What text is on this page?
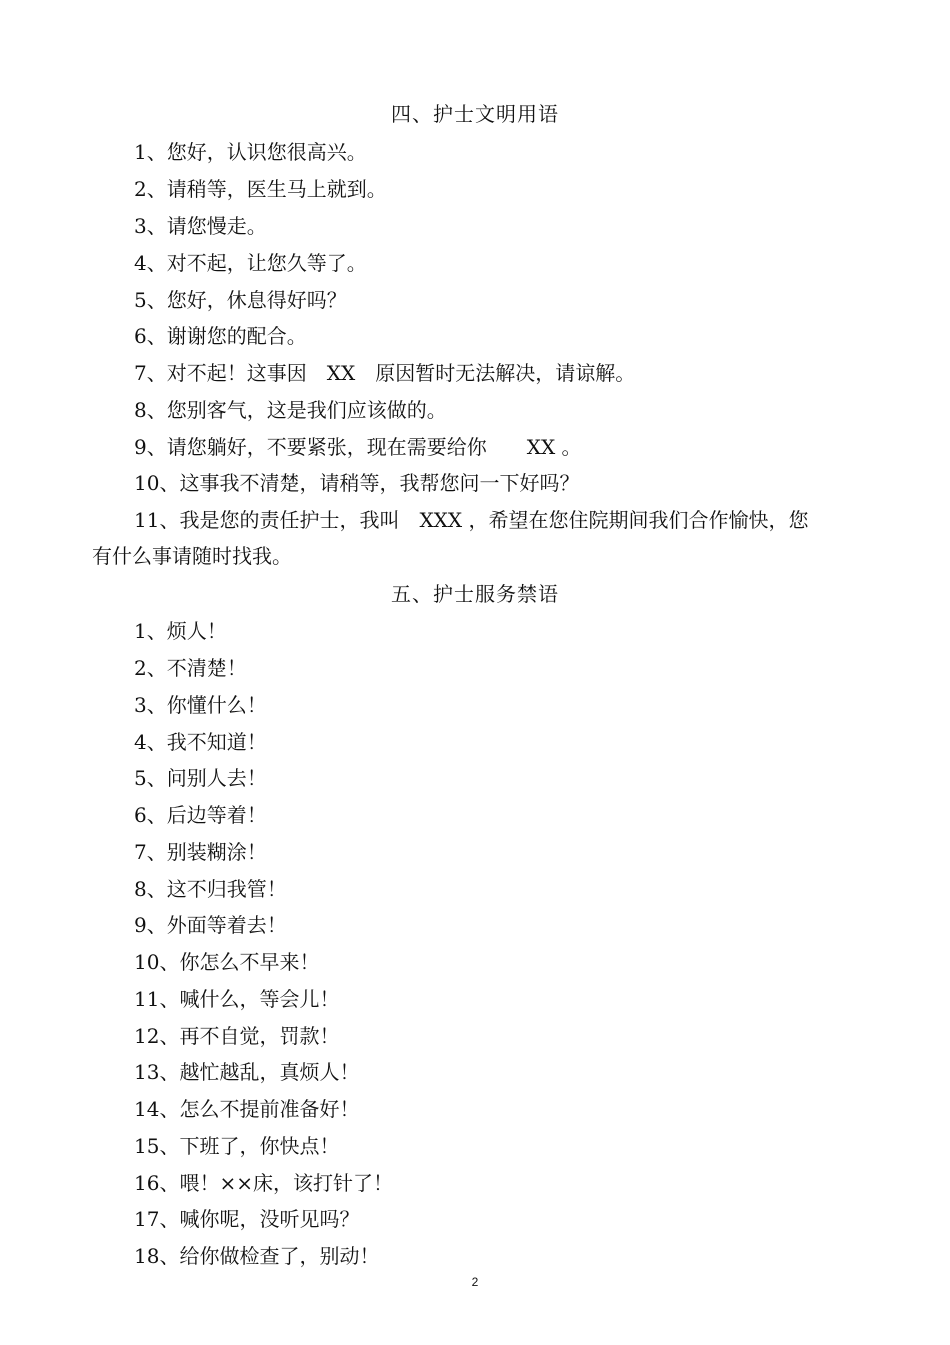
四、护士文明用语
1、您好，认识您很高兴。
2、请稍等，医生马上就到。
3、请您慢走。
4、对不起，让您久等了。
5、您好，休息得好吗？
6、谢谢您的配合。
7、对不起！这事因　XX　原因暂时无法解决，请谅解。
8、您别客气，这是我们应该做的。
9、请您躺好，不要紧张，现在需要给你　　XX 。
10、这事我不清楚，请稍等，我帮您问一下好吗？
11、我是您的责任护士，我叫　XXX ，希望在您住院期间我们合作愉快，您
有什么事请随时找我。
五、护士服务禁语
1、烦人！
2、不清楚！
3、你懂什么！
4、我不知道！
5、问别人去！
6、后边等着！
7、别装糊涂！
8、这不归我管！
9、外面等着去！
10、你怎么不早来！
11、喊什么，等会儿！
12、再不自觉，罚款！
13、越忙越乱，真烦人！
14、怎么不提前准备好！
15、下班了，你快点！
16、喂！××床，该打针了！
17、喊你呢，没听见吗？
18、给你做检查了，别动！
2
